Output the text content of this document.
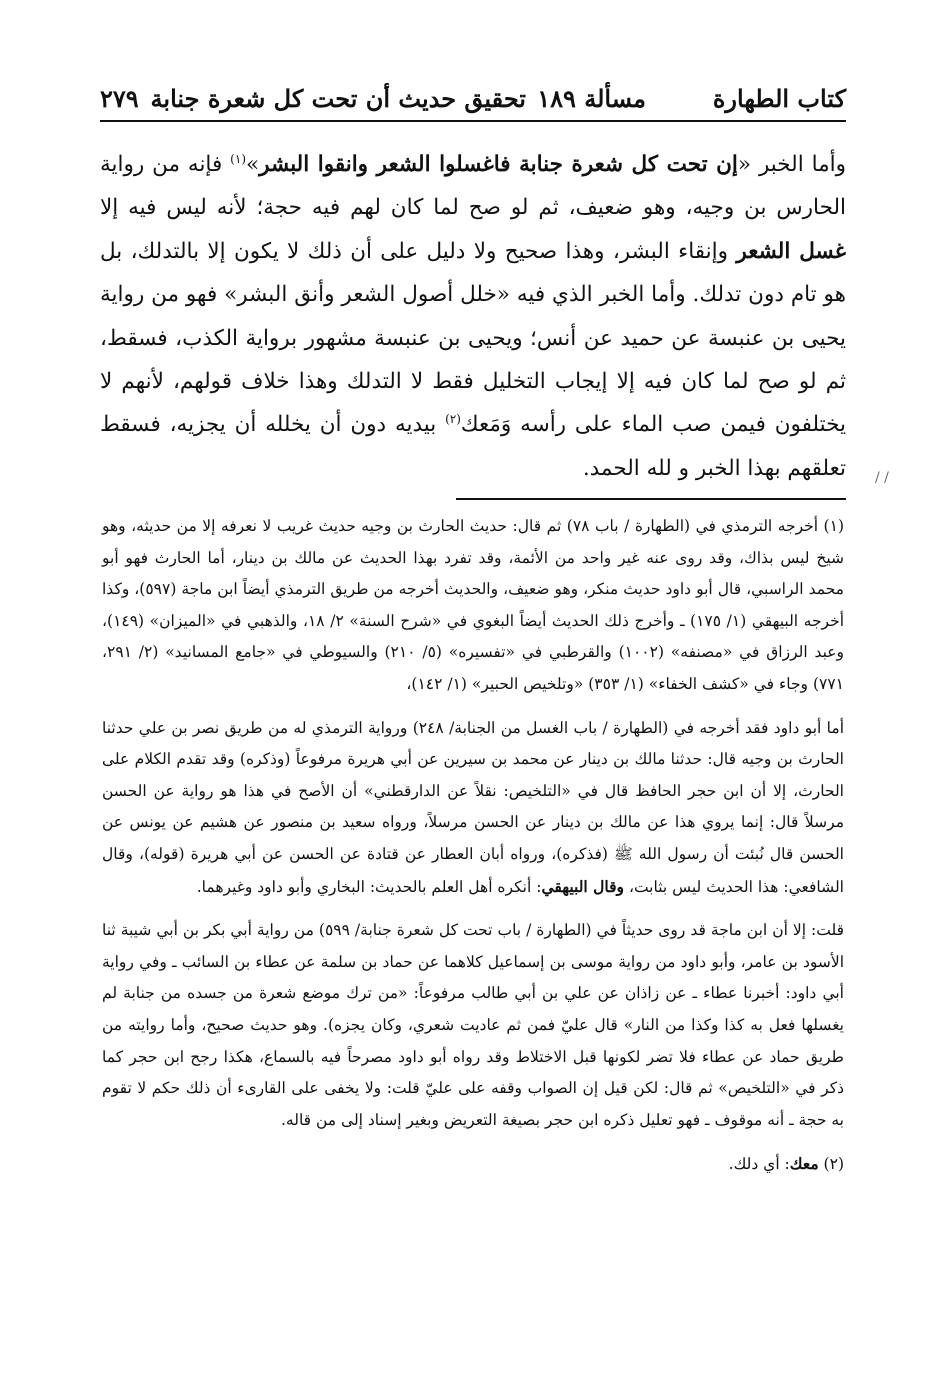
كتاب الطهارة
مسألة ١٨٩
تحقيق حديث أن تحت كل شعرة جنابة
٢٧٩

وأما الخبر «إن تحت كل شعرة جنابة فاغسلوا الشعر وانقوا البشر»$^{(١)}$ فإنه من رواية الحارس بن وجيه، وهو ضعيف، ثم لو صح لما كان لهم فيه حجة؛ لأنه ليس فيه إلا غسل الشعر وإنقاء البشر، وهذا صحيح ولا دليل على أن ذلك لا يكون إلا بالتدلك، بل هو تام دون تدلك. وأما الخبر الذي فيه «خلل أصول الشعر وأنق البشر» فهو من رواية يحيى بن عنبسة عن حميد عن أنس؛ ويحيى بن عنبسة مشهور برواية الكذب، فسقط، ثم لو صح لما كان فيه إلا إيجاب التخليل فقط لا التدلك وهذا خلاف قولهم، لأنهم لا يختلفون فيمن صب الماء على رأسه وَمَعك$^{(٢)}$ بيديه دون أن يخلله أن يجزيه، فسقط تعلقهم بهذا الخبر و لله الحمد. / /

(١) أخرجه الترمذي في (الطهارة / باب ٧٨) ثم قال: حديث الحارث بن وجيه حديث غريب لا نعرفه إلا من حديثه، وهو شيخ ليس بذاك، وقد روى عنه غير واحد من الأئمة، وقد تفرد بهذا الحديث عن مالك بن دينار، أما الحارث فهو أبو محمد الراسبي، قال أبو داود حديث منكر، وهو ضعيف، والحديث أخرجه من طريق الترمذي أيضاً ابن ماجة (٥٩٧)، وكذا أخرجه البيهقي (١/ ١٧٥) ـ وأخرج ذلك الحديث أيضاً البغوي في «شرح السنة» ٢/ ١٨، والذهبي في «الميزان» (١٤٩)، وعبد الرزاق في «مصنفه» (١٠٠٢) والقرطبي في «تفسيره» (٥/ ٢١٠) والسيوطي في «جامع المسانيد» (٢/ ٢٩١، ٧٧١) وجاء في «كشف الخفاء» (١/ ٣٥٣) «وتلخيص الحبير» (١/ ١٤٢)،

أما أبو داود فقد أخرجه في (الطهارة / باب الغسل من الجنابة/ ٢٤٨) ورواية الترمذي له من طريق نصر بن علي حدثنا الحارث بن وجيه قال: حدثنا مالك بن دينار عن محمد بن سيرين عن أبي هريرة مرفوعاً (وذكره) وقد تقدم الكلام على الحارث، إلا أن ابن حجر الحافظ قال في «التلخيص: نقلاً عن الدارقطني» أن الأصح في هذا هو رواية عن الحسن مرسلاً قال: إنما يروي هذا عن مالك بن دينار عن الحسن مرسلاً، ورواه سعيد بن منصور عن هشيم عن يونس عن الحسن قال نُبئت أن رسول الله ﷺ (فذكره)، ورواه أبان العطار عن قتادة عن الحسن عن أبي هريرة (قوله)، وقال الشافعي: هذا الحديث ليس بثابت، وقال البيهقي: أنكره أهل العلم بالحديث: البخاري وأبو داود وغيرهما.

قلت: إلا أن ابن ماجة قد روى حديثاً في (الطهارة / باب تحت كل شعرة جنابة/ ٥٩٩) من رواية أبي بكر بن أبي شيبة ثنا الأسود بن عامر، وأبو داود من رواية موسى بن إسماعيل كلاهما عن حماد بن سلمة عن عطاء بن السائب ـ وفي رواية أبي داود: أخبرنا عطاء ـ عن زاذان عن علي بن أبي طالب مرفوعاً: «من ترك موضع شعرة من جسده من جنابة لم يغسلها فعل به كذا وكذا من النار» قال عليّ فمن ثم عاديت شعري، وكان يجزه). وهو حديث صحيح، وأما روايته من طريق حماد عن عطاء فلا تضر لكونها قبل الاختلاط وقد رواه أبو داود مصرحاً فيه بالسماع، هكذا رجح ابن حجر كما ذكر في «التلخيص» ثم قال: لكن قيل إن الصواب وقفه على عليّ قلت: ولا يخفى على القارىء أن ذلك حكم لا تقوم به حجة ـ أنه موقوف ـ فهو تعليل ذكره ابن حجر بصيغة التعريض وبغير إسناد إلى من قاله.

(٢) معك: أي دلك.
